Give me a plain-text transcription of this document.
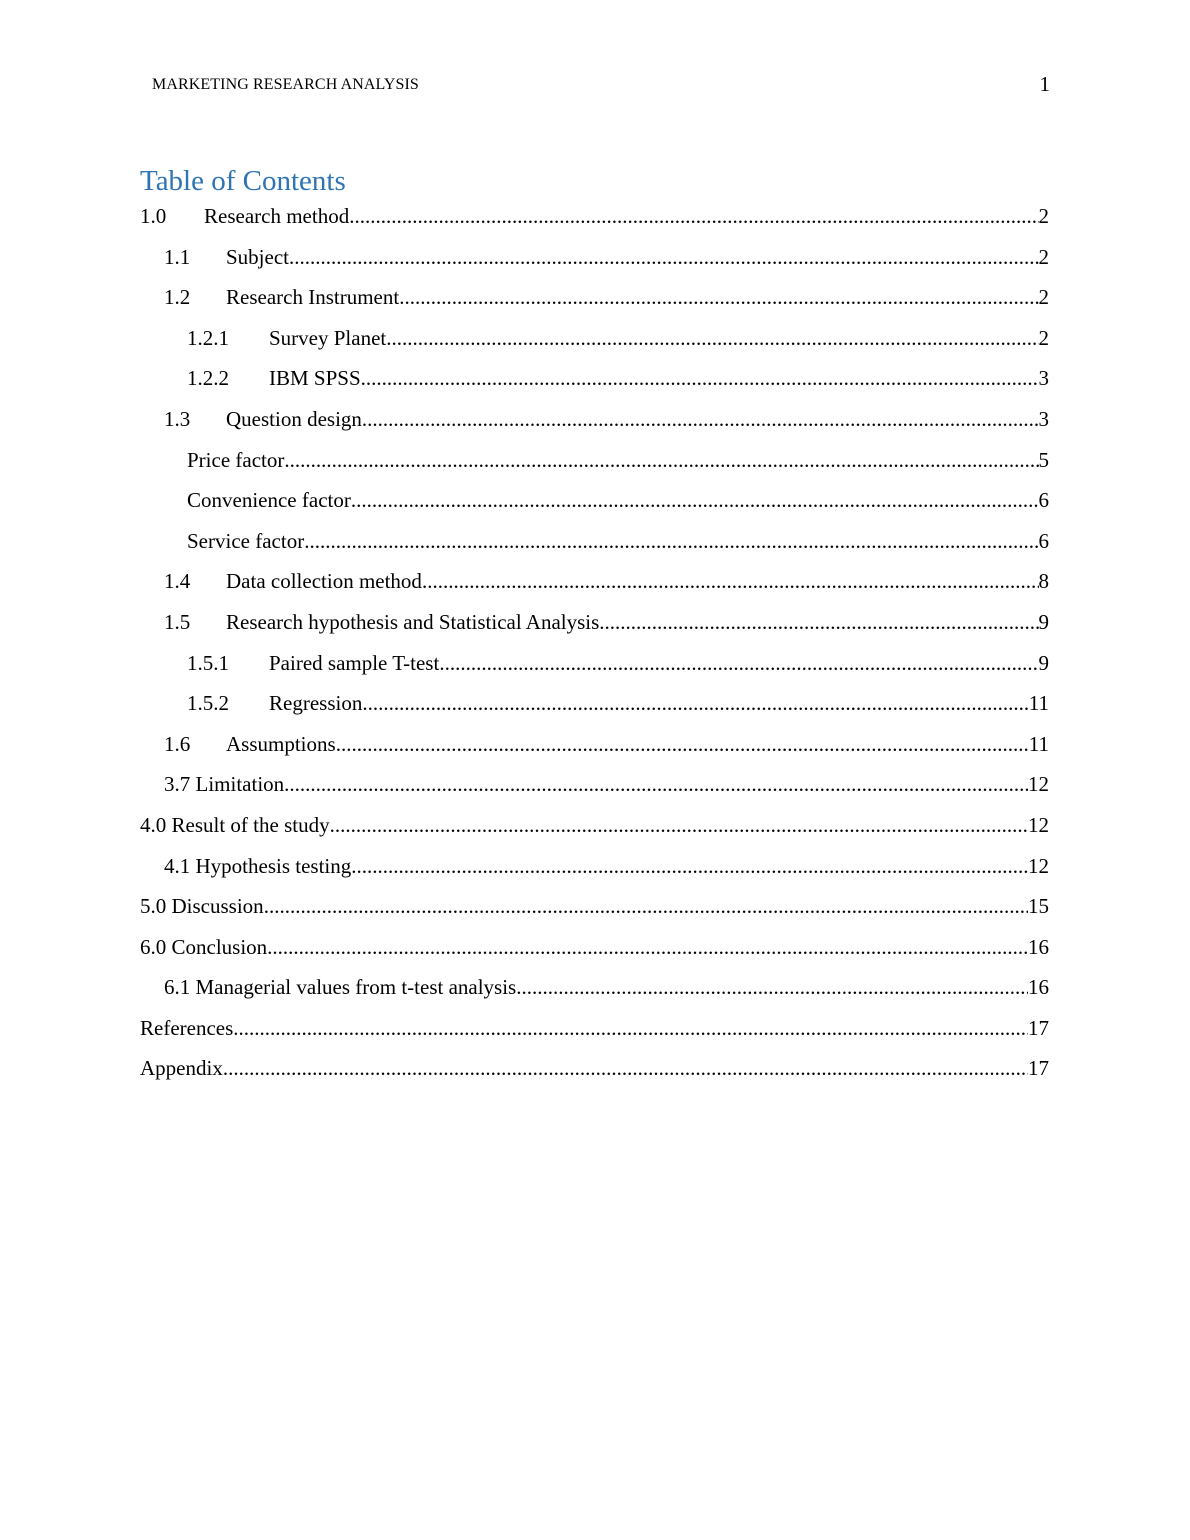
MARKETING RESEARCH ANALYSIS	1
Table of Contents
1.0	Research method .....	2
1.1	Subject .....	2
1.2	Research Instrument .....	2
1.2.1	Survey Planet .....	2
1.2.2	IBM SPSS .....	3
1.3	Question design .....	3
Price factor .....	5
Convenience factor .....	6
Service factor .....	6
1.4	Data collection method .....	8
1.5	Research hypothesis and Statistical Analysis .....	9
1.5.1	Paired sample T-test .....	9
1.5.2	Regression .....	11
1.6	Assumptions .....	11
3.7 Limitation .....	12
4.0 Result of the study .....	12
4.1 Hypothesis testing .....	12
5.0 Discussion .....	15
6.0 Conclusion .....	16
6.1 Managerial values from t-test analysis .....	16
References .....	17
Appendix .....	17
